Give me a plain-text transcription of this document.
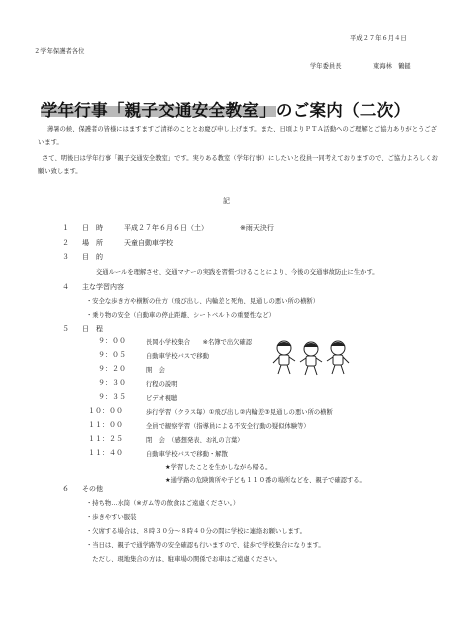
平成２７年６月４日
２学年保護者各位
学年委員長	東海林　鶴鎚
学年行事「親子交通安全教室」のご案内（二次）
薄暑の候、保護者の皆様にはますますご清祥のこととお慶び申し上げます。また、日頃よりＰＴＡ活動へのご理解とご協力ありがとうございます。
さて、明後日は学年行事「親子交通安全教室」です。実りある教室（学年行事）にしたいと役員一同考えておりますので、ご協力よろしくお願い致します。
記
１ 日　時	平成２７年６月６日（土）	※雨天決行
２ 場　所	天童自動車学校
３ 目　的
交通ルールを理解させ、交通マナーの実践を習慣づけることにより、今後の交通事故防止に生かす。
４ 主な学習内容
・安全な歩き方や横断の仕方（飛び出し、内輪差と死角、見通しの悪い所の横断）
・乗り物の安全（自動車の停止距離、シートベルトの重要性など）
５ 日　程
９：００	長岡小学校集合　　※名簿で出欠確認
９：０５	自動車学校バスで移動
９：２０	開　会
９：３０	行程の説明
９：３５	ビデオ視聴
１０：００	歩行学習（クラス毎）①飛び出し②内輪差③見通しの悪い所の横断
１１：００	全員で観察学習（指導員による不安全行動の疑似体験等）
１１：２５	閉　会　（感想発表、お礼の言葉）
１１：４０	自動車学校バスで移動・解散
★学習したことを生かしながら帰る。
★通学路の危険箇所や子ども１１０番の場所などを、親子で確認する。
６ その他
・持ち物…水筒（※ガム等の飲食はご遠慮ください。）
・歩きやすい服装
・欠席する場合は、８時３０分～８時４０分の間に学校に連絡お願いします。
・当日は、親子で通学路等の安全確認も行いますので、徒歩で学校集合になります。
　ただし、現地集合の方は、駐車場の関係でお車はご遠慮ください。
